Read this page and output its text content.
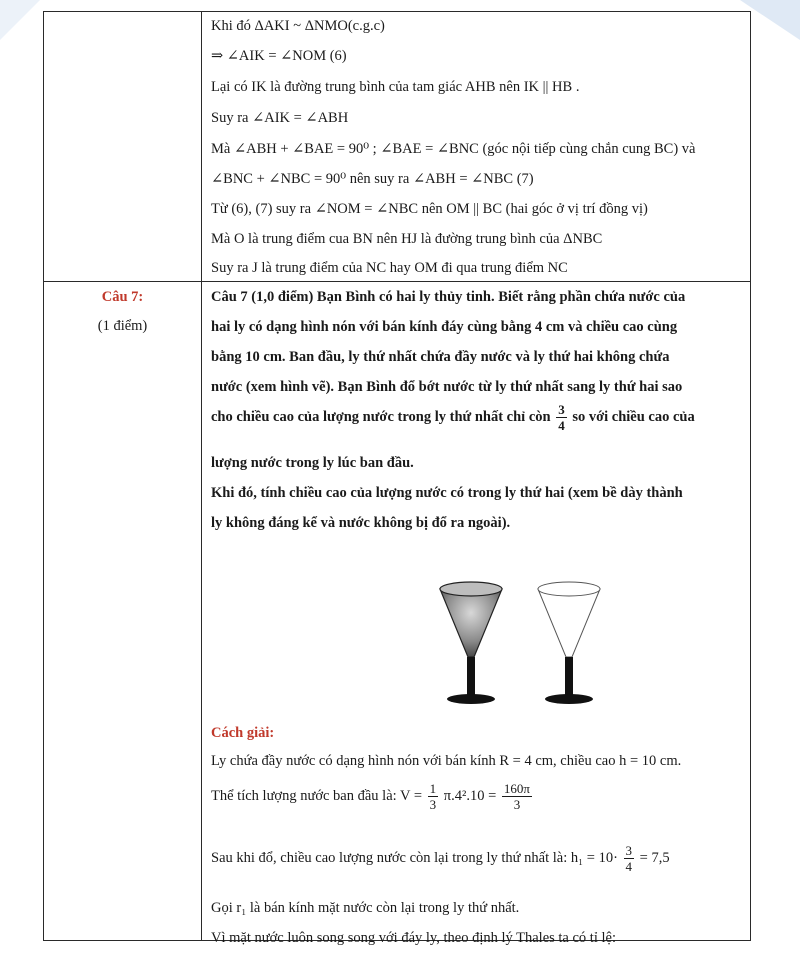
Câu 7:
(1 điểm)
Khi đó ΔAKI ~ ΔNMO(c.g.c)
⇒ ∠AIK = ∠NOM (6)
Lại có IK là đường trung bình của tam giác AHB nên IK || HB .
Suy ra ∠AIK = ∠ABH
Mà ∠ABH + ∠BAE = 90⁰ ; ∠BAE = ∠BNC (góc nội tiếp cùng chắn cung BC) và
∠BNC + ∠NBC = 90⁰ nên suy ra ∠ABH = ∠NBC (7)
Từ (6), (7) suy ra ∠NOM = ∠NBC nên OM || BC (hai góc ở vị trí đồng vị)
Mà O là trung điểm cua BN nên HJ là đường trung bình của ΔNBC
Suy ra J là trung điểm của NC hay OM đi qua trung điểm NC
Câu 7 (1,0 điểm) Bạn Bình có hai ly thủy tinh. Biết rằng phần chứa nước của
hai ly có dạng hình nón với bán kính đáy cùng bằng 4 cm và chiều cao cùng
bằng 10 cm. Ban đầu, ly thứ nhất chứa đầy nước và ly thứ hai không chứa
nước (xem hình vẽ). Bạn Bình đổ bớt nước từ ly thứ nhất sang ly thứ hai sao
cho chiều cao của lượng nước trong ly thứ nhất chỉ còn $\frac{3}{4}$ so với chiều cao của
lượng nước trong ly lúc ban đầu.
Khi đó, tính chiều cao của lượng nước có trong ly thứ hai (xem bề dày thành
ly không đáng kể và nước không bị đổ ra ngoài).
Cách giải:
Ly chứa đầy nước có dạng hình nón với bán kính R = 4 cm, chiều cao h = 10 cm.
Thể tích lượng nước ban đầu là: $V = \frac{1}{3} \pi.4^2.10 = \frac{160\pi}{3}$
Sau khi đổ, chiều cao lượng nước còn lại trong ly thứ nhất là: $h_1 = 10\cdot \frac{3}{4} = 7,5$
Gọi r₁ là bán kính mặt nước còn lại trong ly thứ nhất.
Vì mặt nước luôn song song với đáy ly, theo định lý Thales ta có tỉ lệ:
